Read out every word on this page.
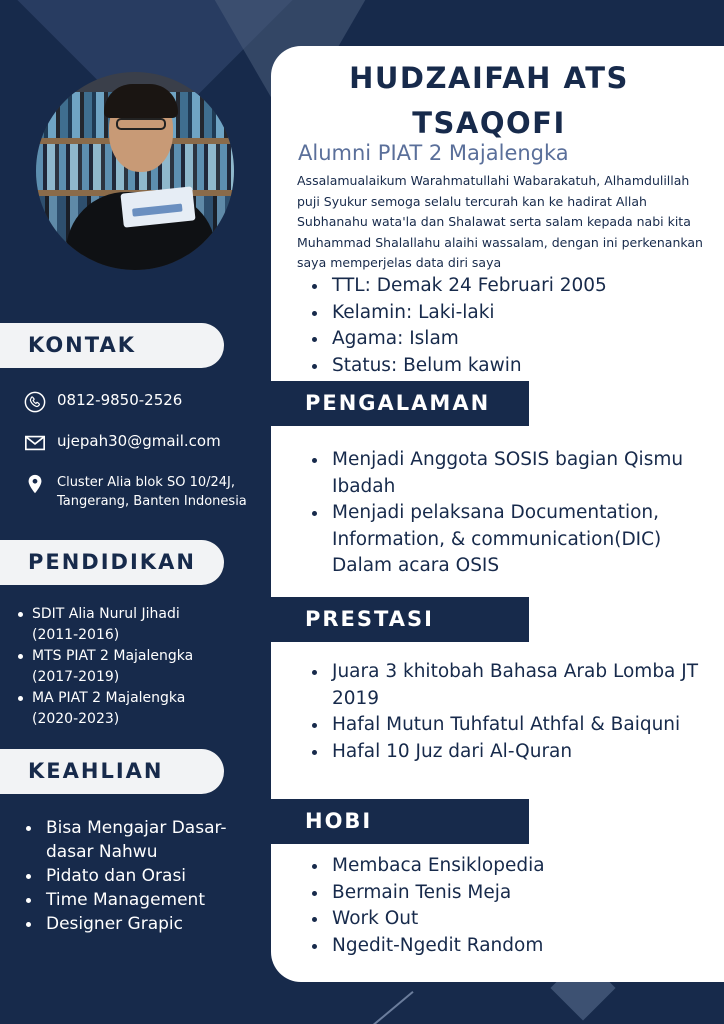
HUDZAIFAH ATS TSAQOFI
Alumni PIAT 2 Majalengka
Assalamualaikum Warahmatullahi Wabarakatuh, Alhamdulillah puji Syukur semoga selalu tercurah kan ke hadirat Allah Subhanahu wata'la dan Shalawat serta salam kepada nabi kita Muhammad Shalallahu alaihi wassalam, dengan ini perkenankan saya memperjelas data diri saya
TTL: Demak 24 Februari 2005
Kelamin: Laki-laki
Agama: Islam
Status: Belum kawin
KONTAK
0812-9850-2526
ujepah30@gmail.com
Cluster Alia blok SO 10/24J,
Tangerang, Banten Indonesia
PENDIDIKAN
SDIT Alia Nurul Jihadi (2011-2016)
MTS PIAT 2 Majalengka (2017-2019)
MA PIAT 2 Majalengka (2020-2023)
KEAHLIAN
Bisa Mengajar Dasar-dasar Nahwu
Pidato dan Orasi
Time Management
Designer Grapic
PENGALAMAN
Menjadi Anggota SOSIS bagian Qismu Ibadah
Menjadi pelaksana Documentation, Information, & communication(DIC) Dalam acara OSIS
PRESTASI
Juara 3 khitobah Bahasa Arab Lomba JT 2019
Hafal Mutun Tuhfatul Athfal & Baiquni
Hafal 10 Juz dari Al-Quran
HOBI
Membaca Ensiklopedia
Bermain Tenis Meja
Work Out
Ngedit-Ngedit Random
